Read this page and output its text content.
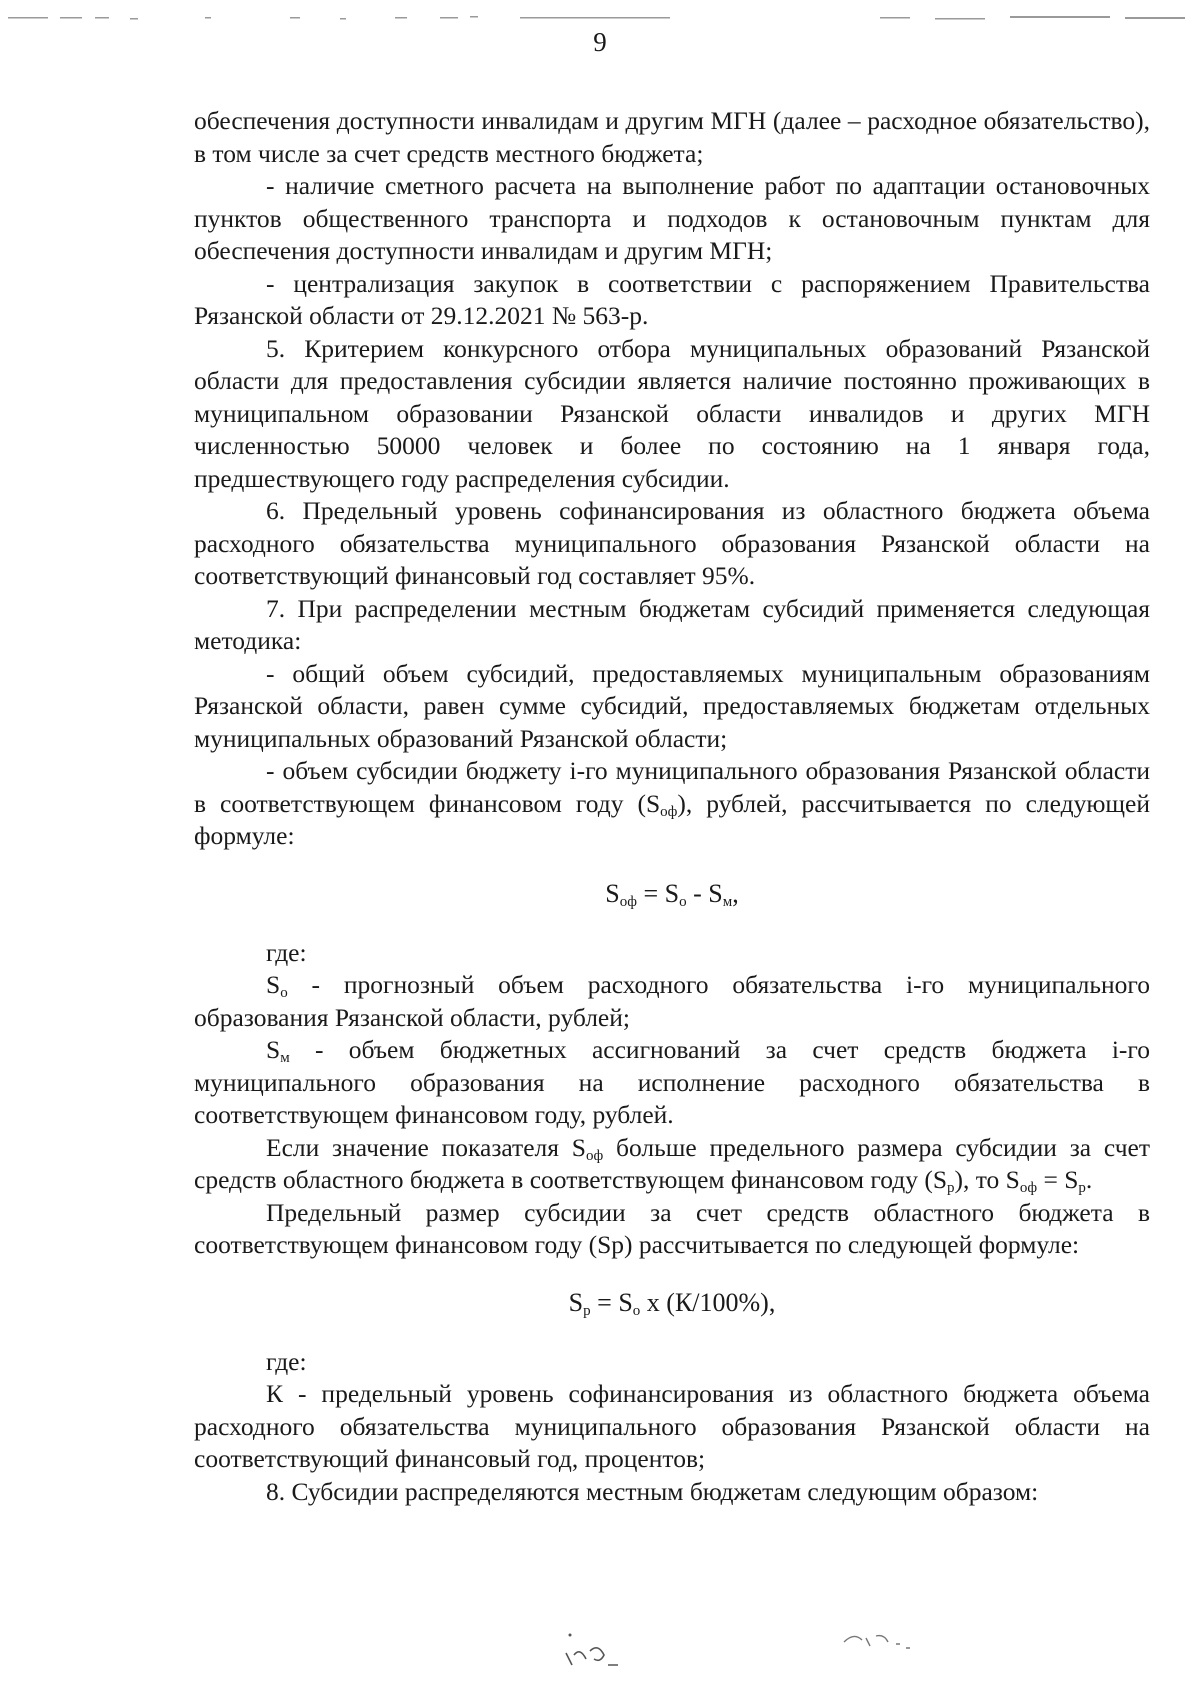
9

обеспечения доступности инвалидам и другим МГН (далее – расходное обязательство), в том числе за счет средств местного бюджета;

- наличие сметного расчета на выполнение работ по адаптации остановочных пунктов общественного транспорта и подходов к остановочным пунктам для обеспечения доступности инвалидам и другим МГН;

- централизация закупок в соответствии с распоряжением Правительства Рязанской области от 29.12.2021 № 563-р.

5. Критерием конкурсного отбора муниципальных образований Рязанской области для предоставления субсидии является наличие постоянно проживающих в муниципальном образовании Рязанской области инвалидов и других МГН численностью 50000 человек и более по состоянию на 1 января года, предшествующего году распределения субсидии.

6. Предельный уровень софинансирования из областного бюджета объема расходного обязательства муниципального образования Рязанской области на соответствующий финансовый год составляет 95%.

7. При распределении местным бюджетам субсидий применяется следующая методика:

- общий объем субсидий, предоставляемых муниципальным образованиям Рязанской области, равен сумме субсидий, предоставляемых бюджетам отдельных муниципальных образований Рязанской области;

- объем субсидии бюджету i-го муниципального образования Рязанской области в соответствующем финансовом году $(S_{оф})$, рублей, рассчитывается по следующей формуле:

$S_{оф} = S_о - S_м$,

где:

$S_о$ - прогнозный объем расходного обязательства i-го муниципального образования Рязанской области, рублей;

$S_м$ - объем бюджетных ассигнований за счет средств бюджета i-го муниципального образования на исполнение расходного обязательства в соответствующем финансовом году, рублей.

Если значение показателя $S_{оф}$ больше предельного размера субсидии за счет средств областного бюджета в соответствующем финансовом году $(S_р)$, то $S_{оф} = S_р$.

Предельный размер субсидии за счет средств областного бюджета в соответствующем финансовом году (Sр) рассчитывается по следующей формуле:

$S_р = S_о$ x (К/100%),

где:

К - предельный уровень софинансирования из областного бюджета объема расходного обязательства муниципального образования Рязанской области на соответствующий финансовый год, процентов;

8. Субсидии распределяются местным бюджетам следующим образом:
